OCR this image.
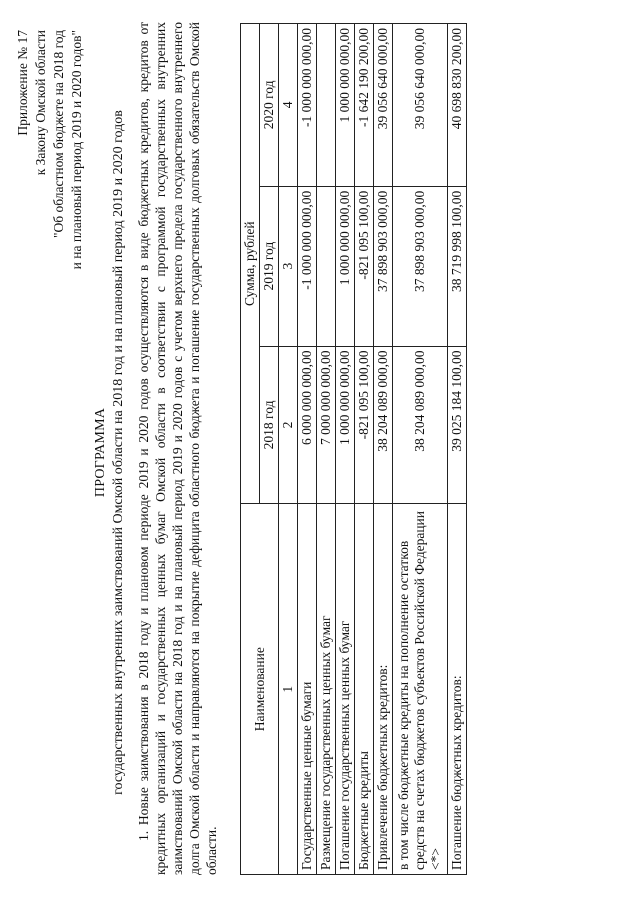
Приложение № 17 к Закону Омской области "Об областном бюджете на 2018 год и на плановый период 2019 и 2020 годов"
ПРОГРАММА государственных внутренних заимствований Омской области на 2018 год и на плановый период 2019 и 2020 годов 1. Новые заимствования в 2018 году и плановом периоде 2019 и 2020 годов осуществляются в виде бюджетных кредитов, кредитов от кредитных организаций и государственных ценных бумаг Омской области в соответствии с программой государственных внутренних заимствований Омской области на 2018 год и на плановый период 2019 и 2020 годов с учетом верхнего предела государственного внутреннего долга Омской области и направляются на покрытие дефицита областного бюджета и погашение государственных долговых обязательств Омской области.
Наименование	Сумма, рублей		
	2018 год	2019 год	2020 год
1	2	3	4
Государственные ценные бумаги	6 000 000 000,00	-1 000 000 000,00	-1 000 000 000,00
Размещение государственных ценных бумаг	7 000 000 000,00		
Погашение государственных ценных бумаг	1 000 000 000,00	1 000 000 000,00	1 000 000 000,00
Бюджетные кредиты	-821 095 100,00	-821 095 100,00	-1 642 190 200,00
Привлечение бюджетных кредитов:	38 204 089 000,00	37 898 903 000,00	39 056 640 000,00
в том числе бюджетные кредиты на пополнение остатков средств на счетах бюджетов субъектов Российской Федерации <*>	38 204 089 000,00	37 898 903 000,00	39 056 640 000,00
Погашение бюджетных кредитов:	39 025 184 100,00	38 719 998 100,00	40 698 830 200,00
